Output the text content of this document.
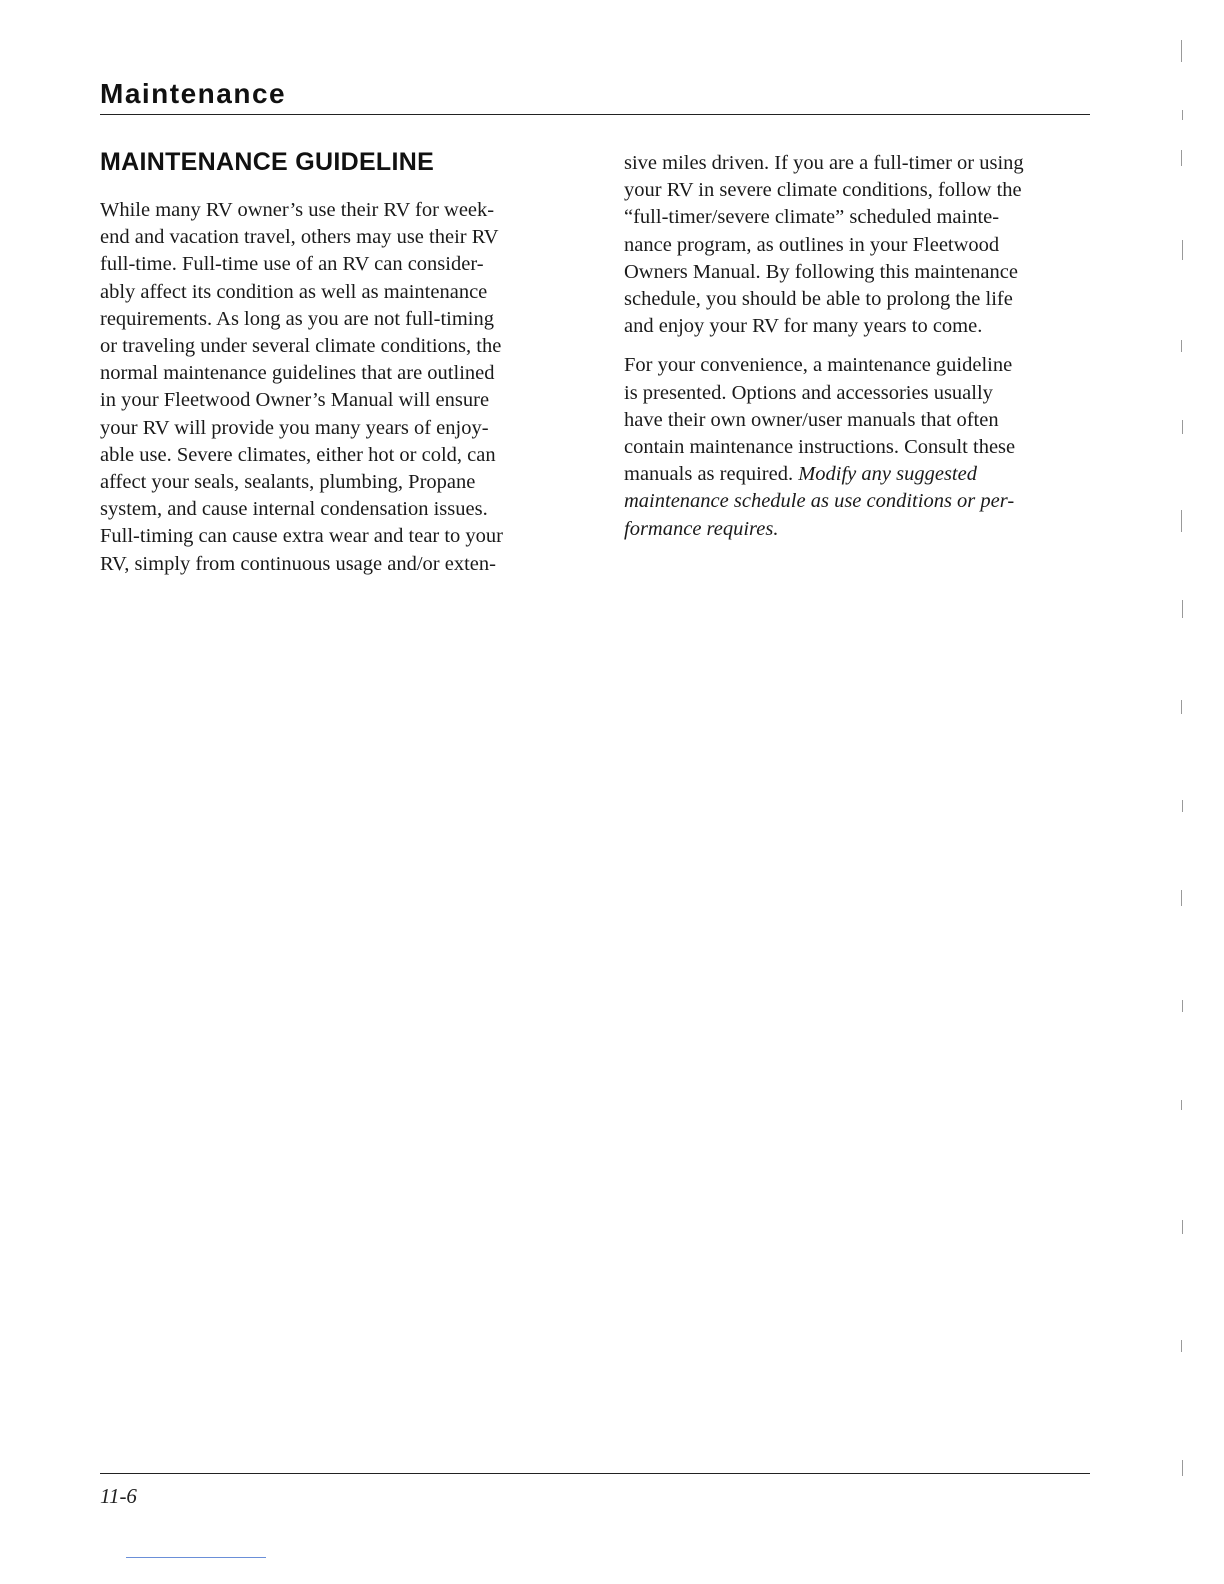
Maintenance
MAINTENANCE GUIDELINE

While many RV owner’s use their RV for week-
end and vacation travel, others may use their RV
full-time. Full-time use of an RV can consider-
ably affect its condition as well as maintenance
requirements. As long as you are not full-timing
or traveling under several climate conditions, the
normal maintenance guidelines that are outlined
in your Fleetwood Owner’s Manual will ensure
your RV will provide you many years of enjoy-
able use. Severe climates, either hot or cold, can
affect your seals, sealants, plumbing, Propane
system, and cause internal condensation issues.
Full-timing can cause extra wear and tear to your
RV, simply from continuous usage and/or exten-

sive miles driven. If you are a full-timer or using
your RV in severe climate conditions, follow the
“full-timer/severe climate” scheduled mainte-
nance program, as outlines in your Fleetwood
Owners Manual. By following this maintenance
schedule, you should be able to prolong the life
and enjoy your RV for many years to come.

For your convenience, a maintenance guideline
is presented. Options and accessories usually
have their own owner/user manuals that often
contain maintenance instructions. Consult these
manuals as required. Modify any suggested
maintenance schedule as use conditions or per-
formance requires.

11-6
